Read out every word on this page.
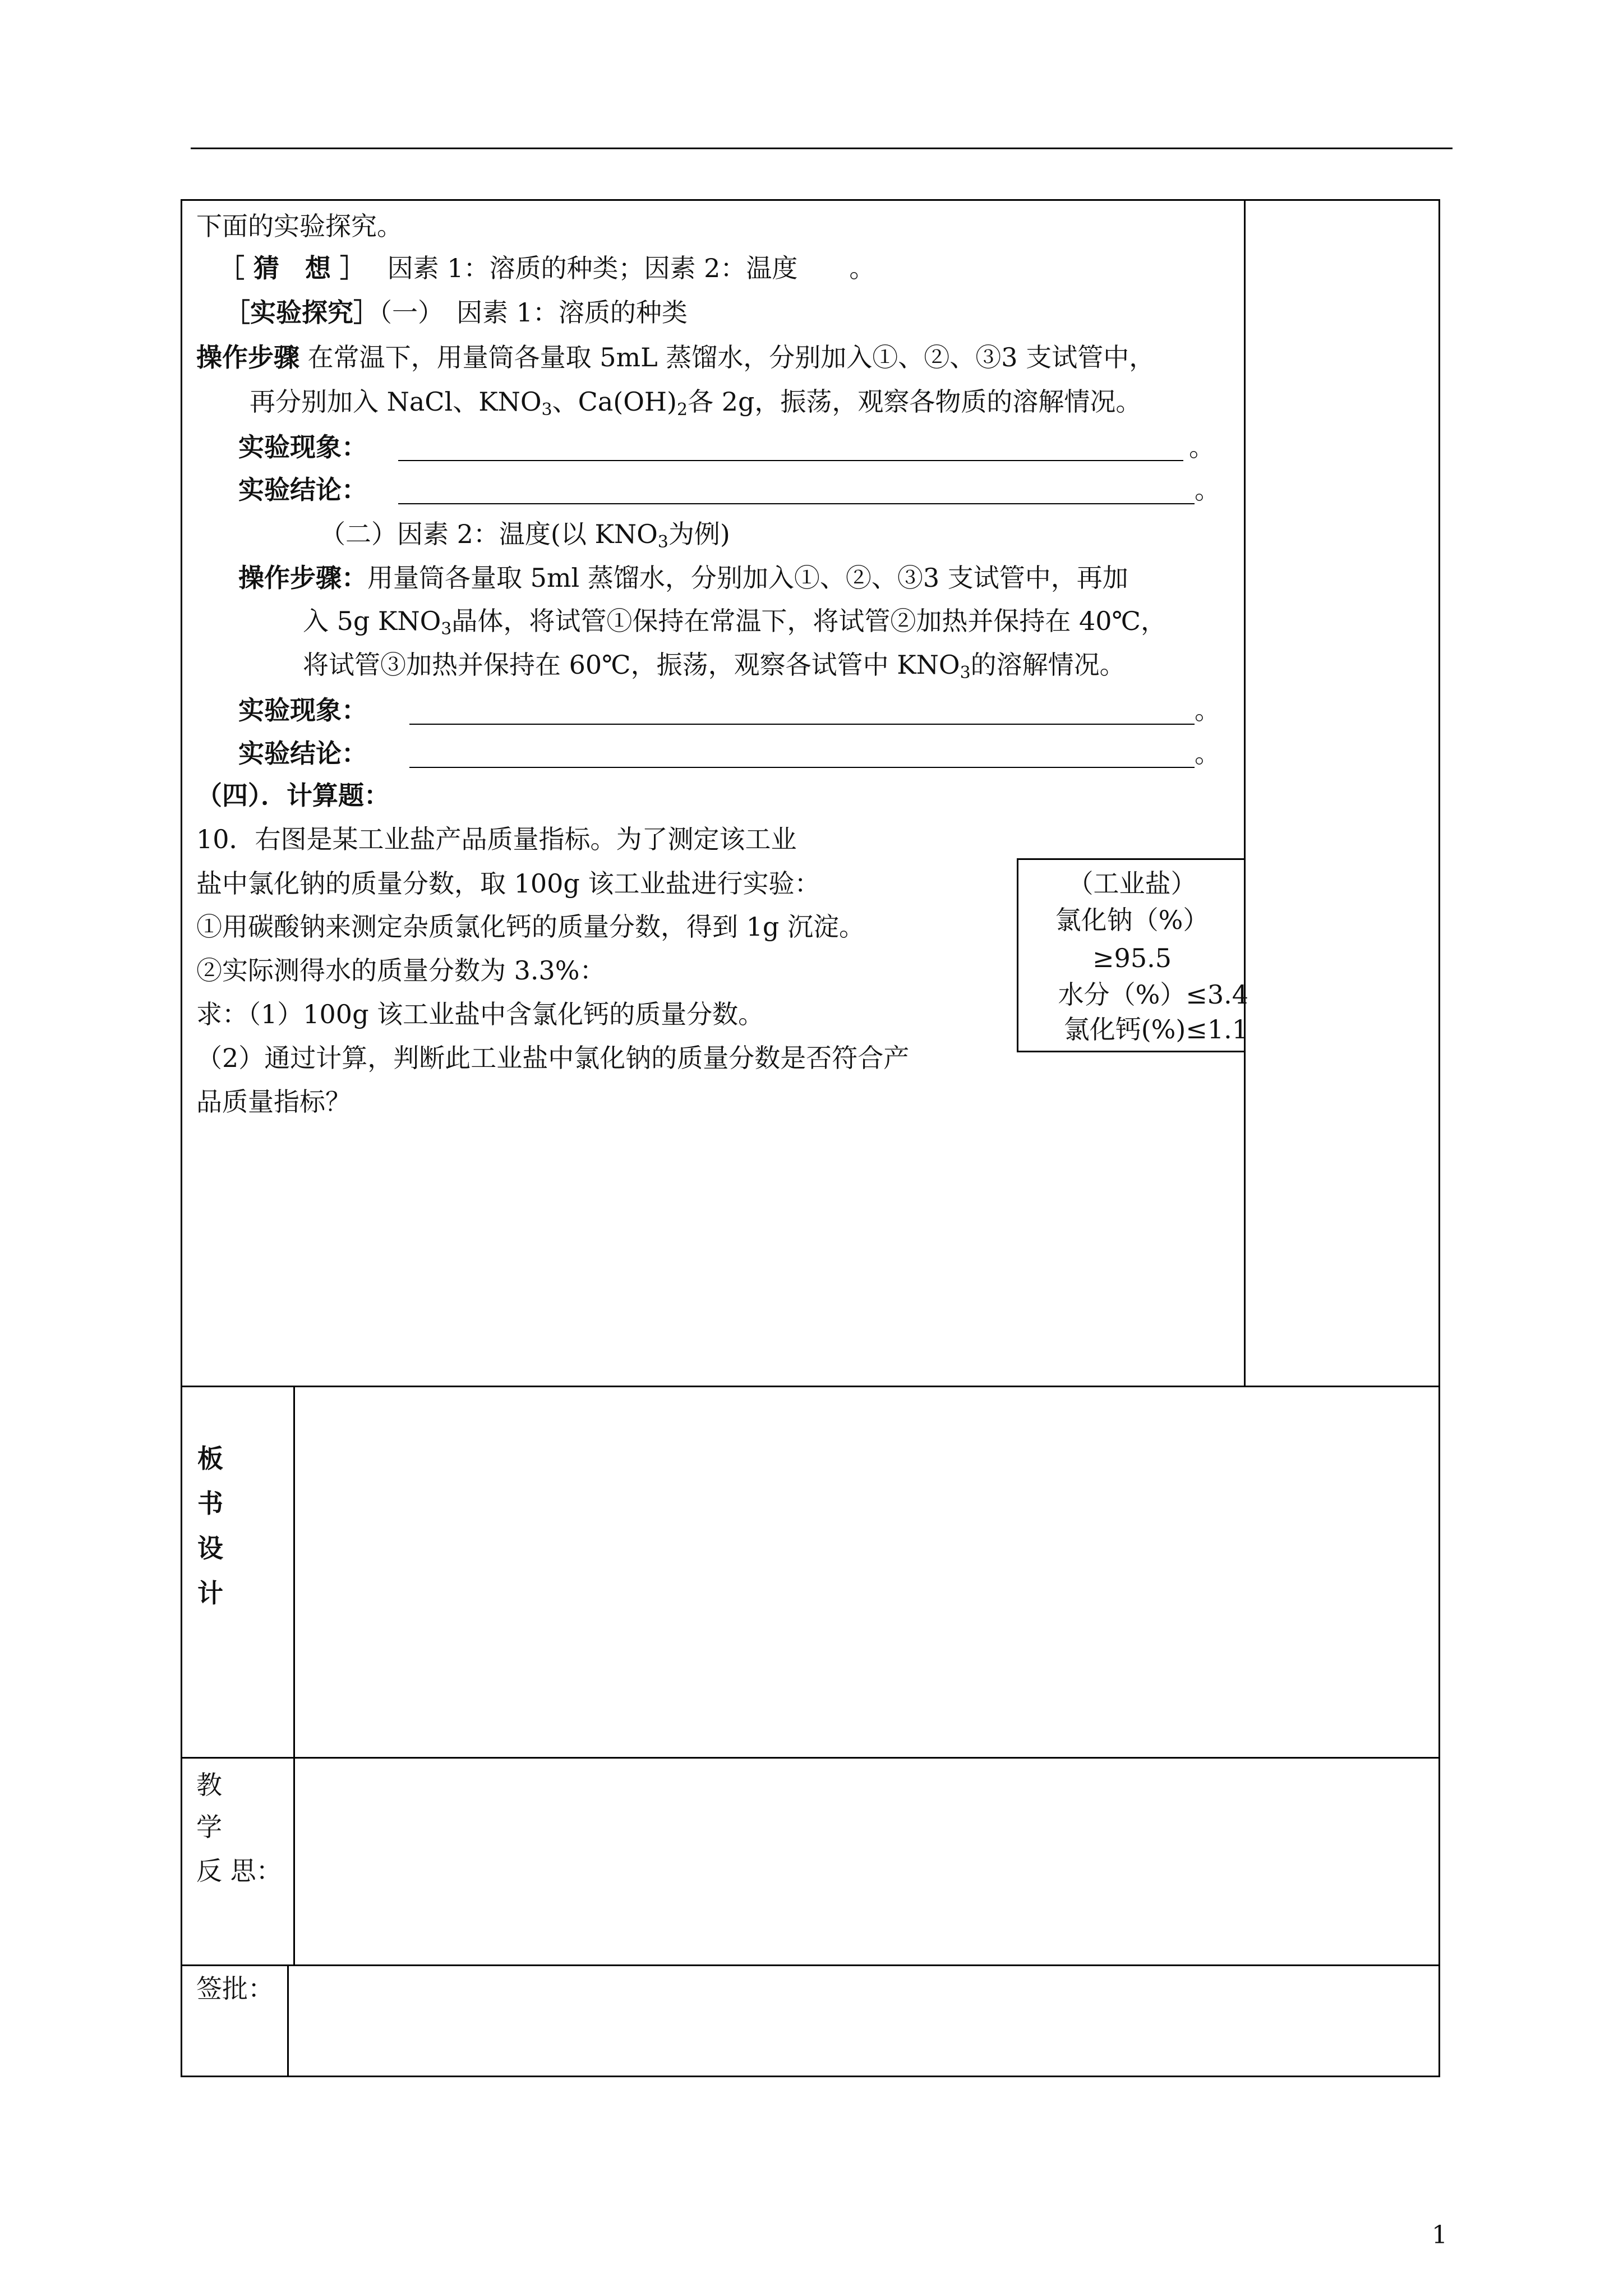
下面的实验探究。
［ 猜　想 ］ 因素 1：溶质的种类；因素 2：温度　　。
［实验探究］（一）　因素 1：溶质的种类
操作步骤 在常温下，用量筒各量取 5mL 蒸馏水，分别加入①、②、③3 支试管中，
再分别加入 NaCl、$KNO_3$、$Ca(OH)_2$各 2g，振荡，观察各物质的溶解情况。
实验现象：	。
实验结论：	。
（二）因素 2：温度(以 $KNO_3$为例)
操作步骤：用量筒各量取 5ml 蒸馏水，分别加入①、②、③3 支试管中，再加
入 5g $KNO_3$晶体，将试管①保持在常温下，将试管②加热并保持在 40℃，
将试管③加热并保持在 60℃，振荡，观察各试管中 $KNO_3$的溶解情况。
实验现象：	。
实验结论：	。
（四）．计算题：
10．右图是某工业盐产品质量指标。为了测定该工业
盐中氯化钠的质量分数，取 100g 该工业盐进行实验：
①用碳酸钠来测定杂质氯化钙的质量分数，得到 1g 沉淀。
②实际测得水的质量分数为 3.3%：
求：（1）100g 该工业盐中含氯化钙的质量分数。
（2）通过计算，判断此工业盐中氯化钠的质量分数是否符合产
品质量指标？
（工业盐）
氯化钠（%）
≥95.5
水分（%）≤3.4
氯化钙(%)≤1.1
板
书
设
计
教
学
反 思：
签批：
1
